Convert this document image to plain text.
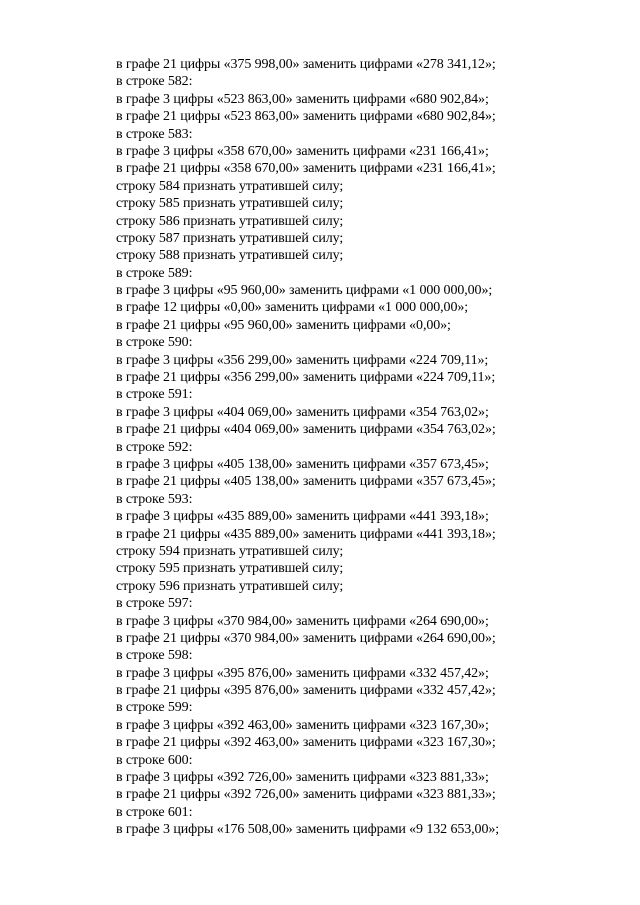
в графе 21 цифры «375 998,00» заменить цифрами «278 341,12»;
в строке 582:
в графе 3 цифры «523 863,00» заменить цифрами «680 902,84»;
в графе 21 цифры «523 863,00» заменить цифрами «680 902,84»;
в строке 583:
в графе 3 цифры «358 670,00» заменить цифрами «231 166,41»;
в графе 21 цифры «358 670,00» заменить цифрами «231 166,41»;
строку 584 признать утратившей силу;
строку 585 признать утратившей силу;
строку 586 признать утратившей силу;
строку 587 признать утратившей силу;
строку 588 признать утратившей силу;
в строке 589:
в графе 3 цифры «95 960,00» заменить цифрами «1 000 000,00»;
в графе 12 цифры «0,00» заменить цифрами «1 000 000,00»;
в графе 21 цифры «95 960,00» заменить цифрами «0,00»;
в строке 590:
в графе 3 цифры «356 299,00» заменить цифрами «224 709,11»;
в графе 21 цифры «356 299,00» заменить цифрами «224 709,11»;
в строке 591:
в графе 3 цифры «404 069,00» заменить цифрами «354 763,02»;
в графе 21 цифры «404 069,00» заменить цифрами «354 763,02»;
в строке 592:
в графе 3 цифры «405 138,00» заменить цифрами «357 673,45»;
в графе 21 цифры «405 138,00» заменить цифрами «357 673,45»;
в строке 593:
в графе 3 цифры «435 889,00» заменить цифрами «441 393,18»;
в графе 21 цифры «435 889,00» заменить цифрами «441 393,18»;
строку 594 признать утратившей силу;
строку 595 признать утратившей силу;
строку 596 признать утратившей силу;
в строке 597:
в графе 3 цифры «370 984,00» заменить цифрами «264 690,00»;
в графе 21 цифры «370 984,00» заменить цифрами «264 690,00»;
в строке 598:
в графе 3 цифры «395 876,00» заменить цифрами «332 457,42»;
в графе 21 цифры «395 876,00» заменить цифрами «332 457,42»;
в строке 599:
в графе 3 цифры «392 463,00» заменить цифрами «323 167,30»;
в графе 21 цифры «392 463,00» заменить цифрами «323 167,30»;
в строке 600:
в графе 3 цифры «392 726,00» заменить цифрами «323 881,33»;
в графе 21 цифры «392 726,00» заменить цифрами «323 881,33»;
в строке 601:
в графе 3 цифры «176 508,00» заменить цифрами «9 132 653,00»;
